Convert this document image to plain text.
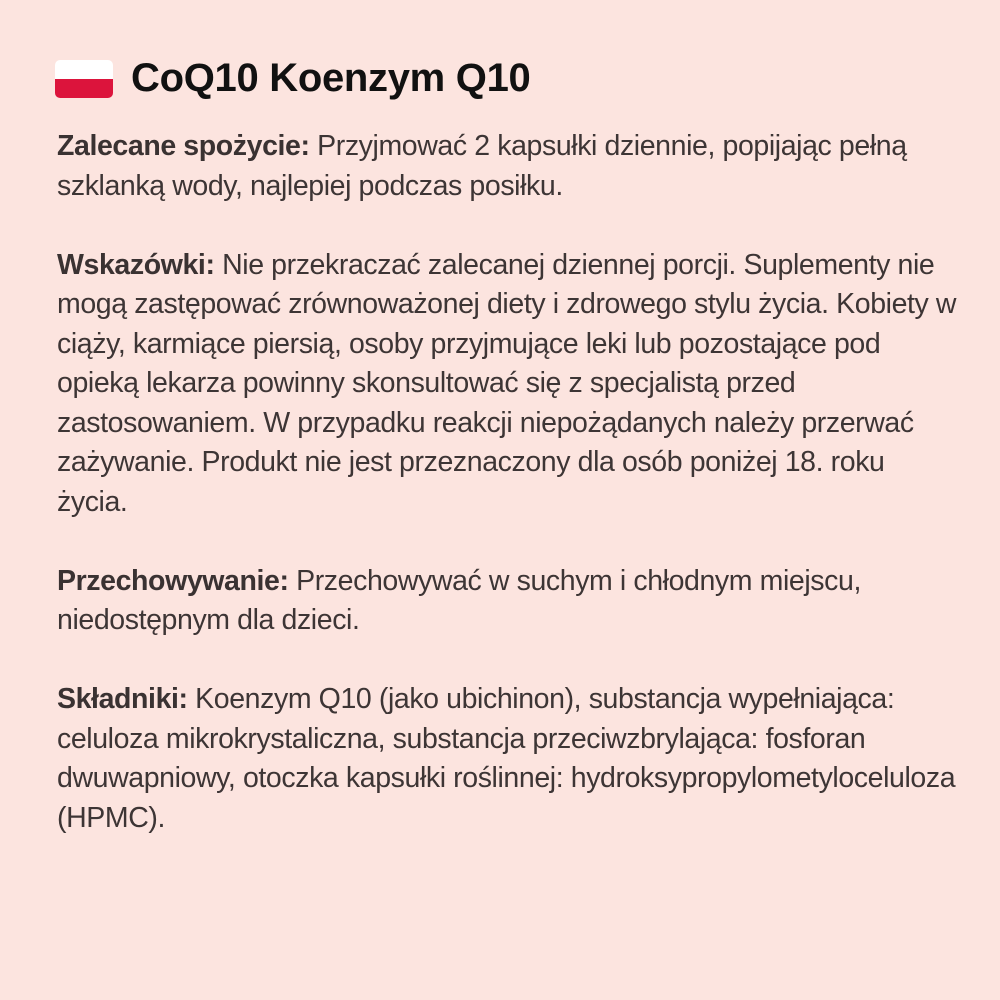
CoQ10 Koenzym Q10

Zalecane spożycie: Przyjmować 2 kapsułki dziennie, popijając pełną szklanką wody, najlepiej podczas posiłku.

Wskazówki: Nie przekraczać zalecanej dziennej porcji. Suplementy nie mogą zastępować zrównoważonej diety i zdrowego stylu życia. Kobiety w ciąży, karmiące piersią, osoby przyjmujące leki lub pozostające pod opieką lekarza powinny skonsultować się z specjalistą przed zastosowaniem. W przypadku reakcji niepożądanych należy przerwać zażywanie. Produkt nie jest przeznaczony dla osób poniżej 18. roku życia.

Przechowywanie: Przechowywać w suchym i chłodnym miejscu, niedostępnym dla dzieci.

Składniki: Koenzym Q10 (jako ubichinon), substancja wypełniająca: celuloza mikrokrystaliczna, substancja przeciwzbrylająca: fosforan dwuwapniowy, otoczka kapsułki roślinnej: hydroksypropylometyloceluloza (HPMC).
